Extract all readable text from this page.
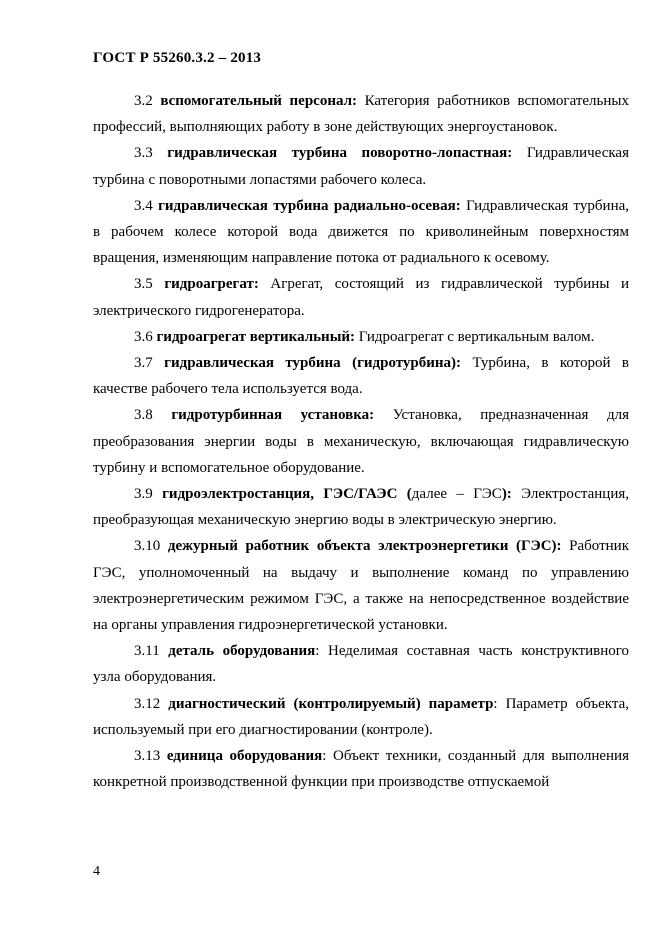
ГОСТ Р 55260.3.2 – 2013

3.2 вспомогательный персонал: Категория работников вспомогательных профессий, выполняющих работу в зоне действующих энергоустановок.

3.3 гидравлическая турбина поворотно-лопастная: Гидравлическая турбина с поворотными лопастями рабочего колеса.

3.4 гидравлическая турбина радиально-осевая: Гидравлическая турбина, в рабочем колесе которой вода движется по криволинейным поверхностям вращения, изменяющим направление потока от радиального к осевому.

3.5 гидроагрегат: Агрегат, состоящий из гидравлической турбины и электрического гидрогенератора.

3.6 гидроагрегат вертикальный: Гидроагрегат с вертикальным валом.

3.7 гидравлическая турбина (гидротурбина): Турбина, в которой в качестве рабочего тела используется вода.

3.8 гидротурбинная установка: Установка, предназначенная для преобразования энергии воды в механическую, включающая гидравлическую турбину и вспомогательное оборудование.

3.9 гидроэлектростанция, ГЭС/ГАЭС (далее – ГЭС): Электростанция, преобразующая механическую энергию воды в электрическую энергию.

3.10 дежурный работник объекта электроэнергетики (ГЭС): Работник ГЭС, уполномоченный на выдачу и выполнение команд по управлению электроэнергетическим режимом ГЭС, а также на непосредственное воздействие на органы управления гидроэнергетической установки.

3.11 деталь оборудования: Неделимая составная часть конструктивного узла оборудования.

3.12 диагностический (контролируемый) параметр: Параметр объекта, используемый при его диагностировании (контроле).

3.13 единица оборудования: Объект техники, созданный для выполнения конкретной производственной функции при производстве отпускаемой

4
